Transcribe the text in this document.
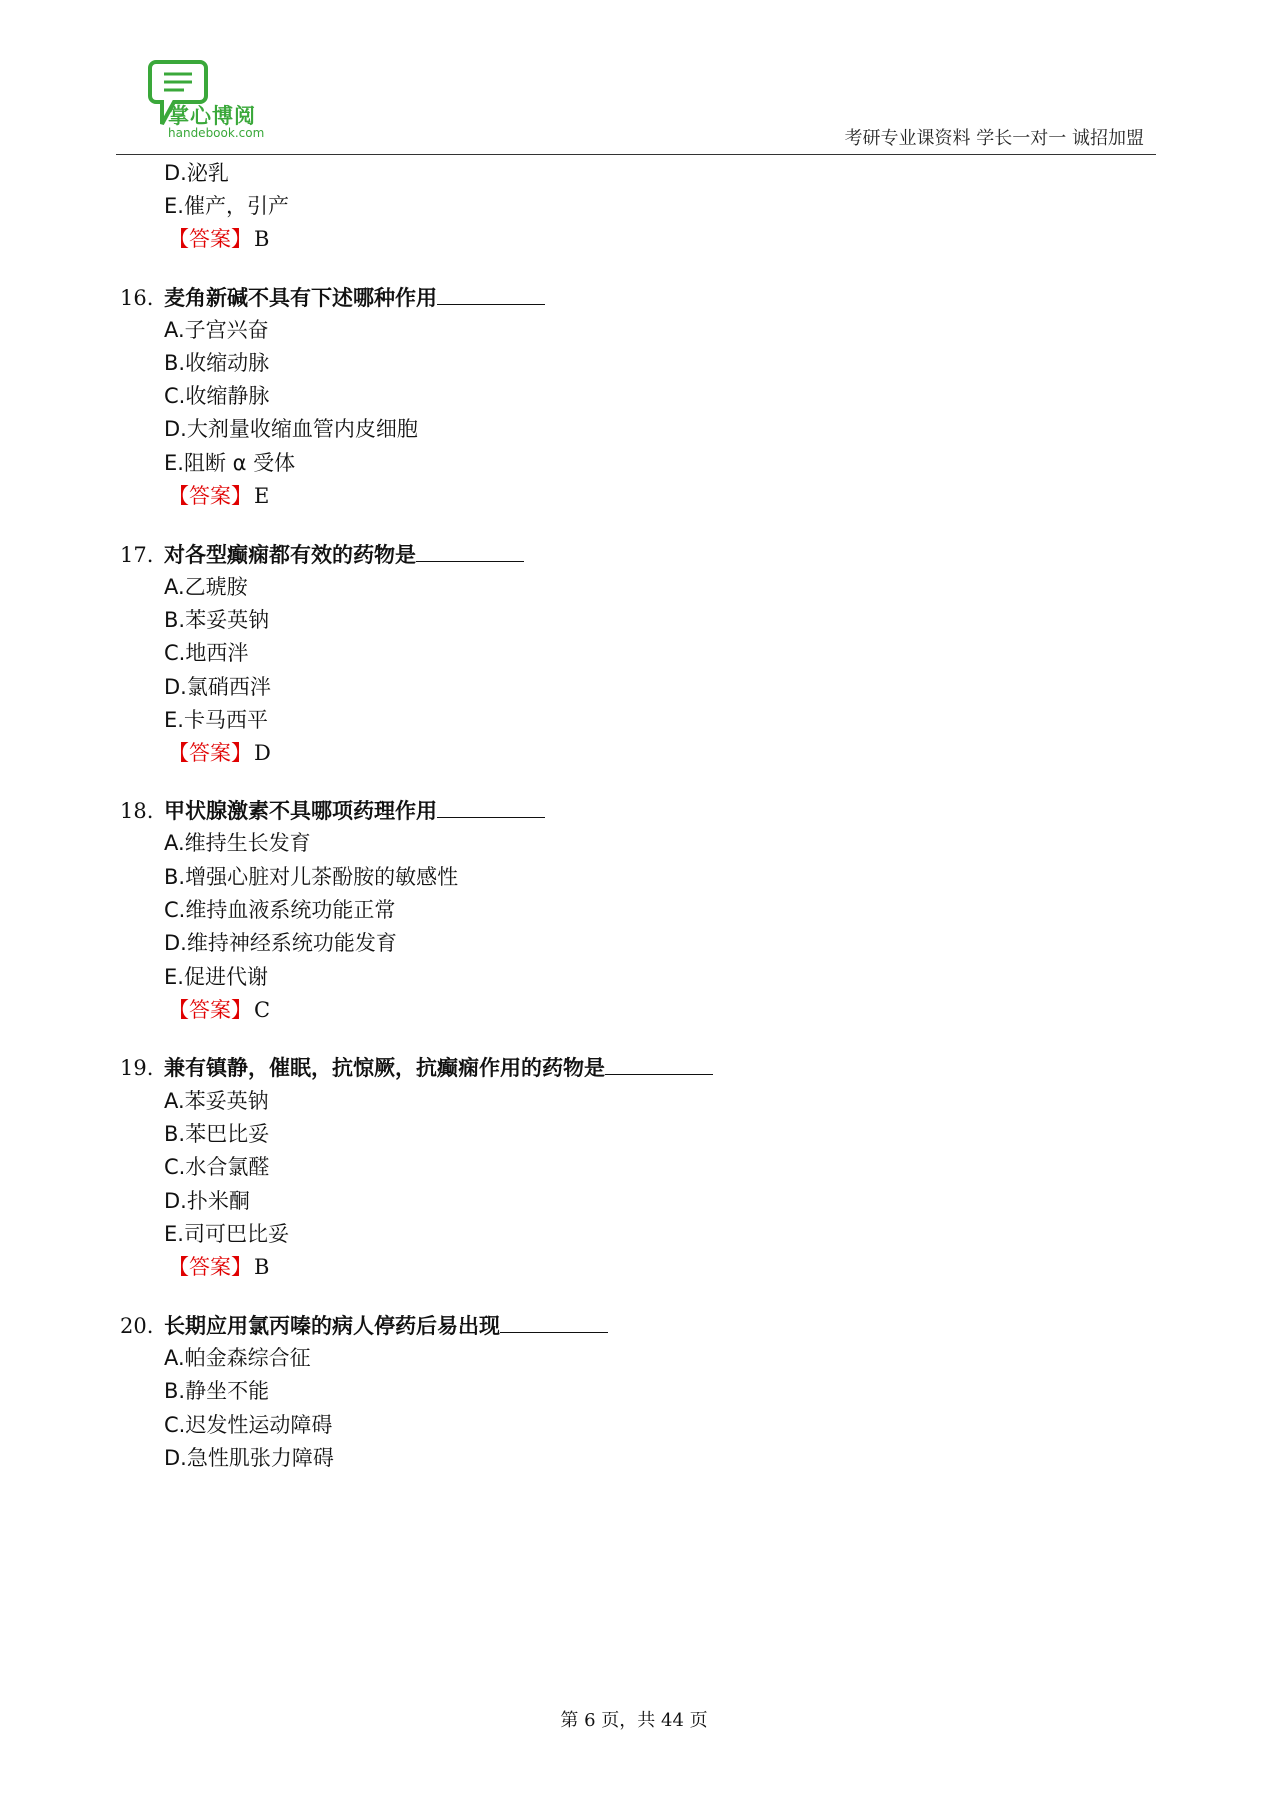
掌心博阅
handebook.com	考研专业课资料 学长一对一 诚招加盟
D.泌乳
E.催产，引产
【答案】B
16. 麦角新碱不具有下述哪种作用
A.子宫兴奋
B.收缩动脉
C.收缩静脉
D.大剂量收缩血管内皮细胞
E.阻断 α 受体
【答案】E
17. 对各型癫痫都有效的药物是
A.乙琥胺
B.苯妥英钠
C.地西泮
D.氯硝西泮
E.卡马西平
【答案】D
18. 甲状腺激素不具哪项药理作用
A.维持生长发育
B.增强心脏对儿茶酚胺的敏感性
C.维持血液系统功能正常
D.维持神经系统功能发育
E.促进代谢
【答案】C
19. 兼有镇静，催眠，抗惊厥，抗癫痫作用的药物是
A.苯妥英钠
B.苯巴比妥
C.水合氯醛
D.扑米酮
E.司可巴比妥
【答案】B
20. 长期应用氯丙嗪的病人停药后易出现
A.帕金森综合征
B.静坐不能
C.迟发性运动障碍
D.急性肌张力障碍
第 6 页，共 44 页
